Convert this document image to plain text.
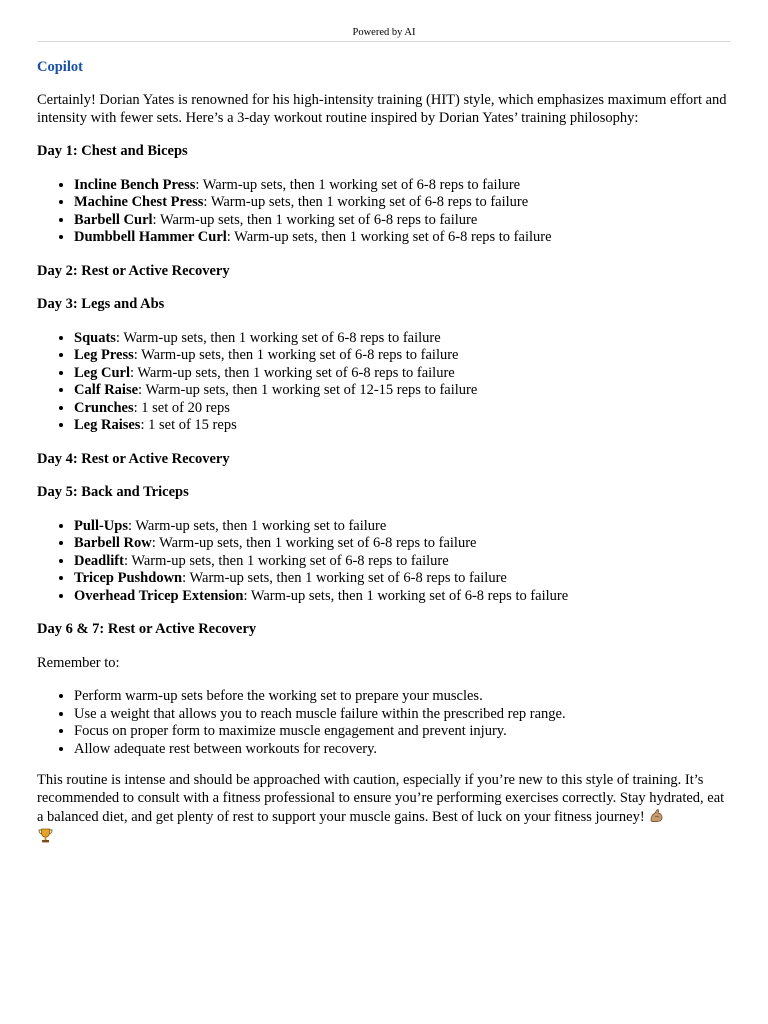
Powered by AI
Copilot

Certainly! Dorian Yates is renowned for his high-intensity training (HIT) style, which emphasizes maximum effort and intensity with fewer sets. Here’s a 3-day workout routine inspired by Dorian Yates’ training philosophy:

Day 1: Chest and Biceps

• Incline Bench Press: Warm-up sets, then 1 working set of 6-8 reps to failure
• Machine Chest Press: Warm-up sets, then 1 working set of 6-8 reps to failure
• Barbell Curl: Warm-up sets, then 1 working set of 6-8 reps to failure
• Dumbbell Hammer Curl: Warm-up sets, then 1 working set of 6-8 reps to failure

Day 2: Rest or Active Recovery

Day 3: Legs and Abs

• Squats: Warm-up sets, then 1 working set of 6-8 reps to failure
• Leg Press: Warm-up sets, then 1 working set of 6-8 reps to failure
• Leg Curl: Warm-up sets, then 1 working set of 6-8 reps to failure
• Calf Raise: Warm-up sets, then 1 working set of 12-15 reps to failure
• Crunches: 1 set of 20 reps
• Leg Raises: 1 set of 15 reps

Day 4: Rest or Active Recovery

Day 5: Back and Triceps

• Pull-Ups: Warm-up sets, then 1 working set to failure
• Barbell Row: Warm-up sets, then 1 working set of 6-8 reps to failure
• Deadlift: Warm-up sets, then 1 working set of 6-8 reps to failure
• Tricep Pushdown: Warm-up sets, then 1 working set of 6-8 reps to failure
• Overhead Tricep Extension: Warm-up sets, then 1 working set of 6-8 reps to failure

Day 6 & 7: Rest or Active Recovery

Remember to:

• Perform warm-up sets before the working set to prepare your muscles.
• Use a weight that allows you to reach muscle failure within the prescribed rep range.
• Focus on proper form to maximize muscle engagement and prevent injury.
• Allow adequate rest between workouts for recovery.

This routine is intense and should be approached with caution, especially if you’re new to this style of training. It’s recommended to consult with a fitness professional to ensure you’re performing exercises correctly. Stay hydrated, eat a balanced diet, and get plenty of rest to support your muscle gains. Best of luck on your fitness journey!
